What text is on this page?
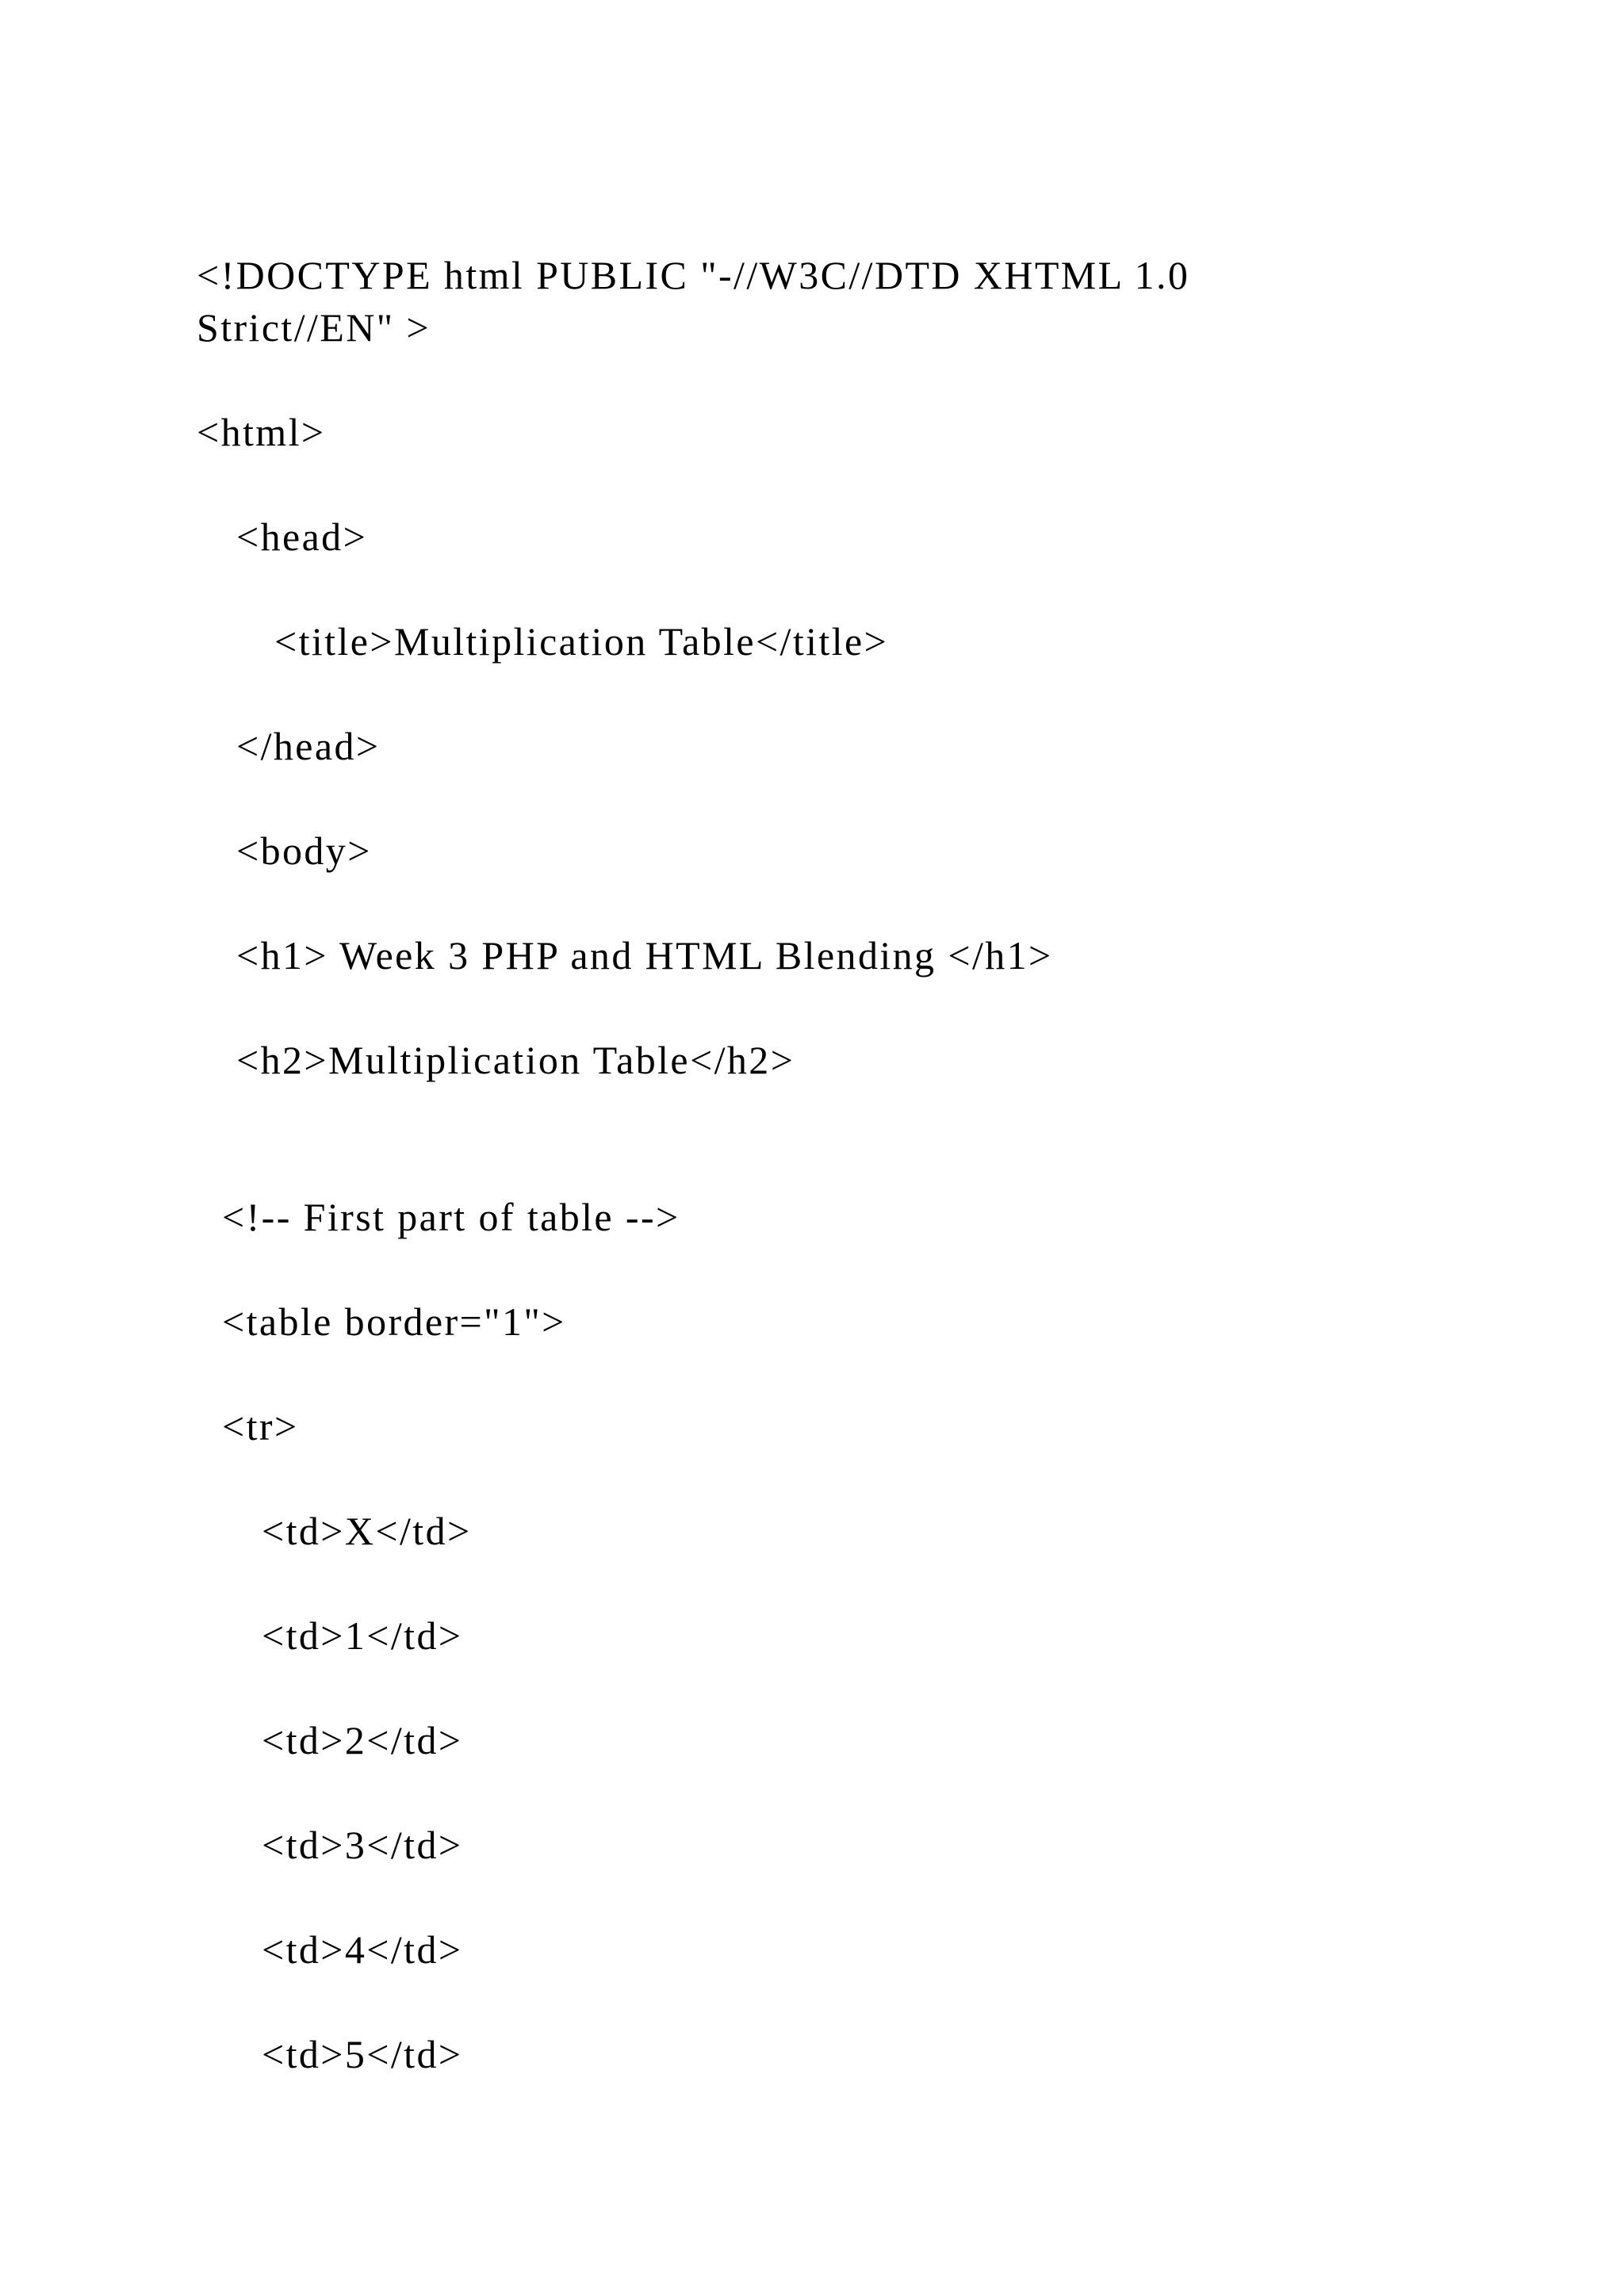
<!DOCTYPE html PUBLIC "-//W3C//DTD XHTML 1.0

Strict//EN" >

<html>

<head>

<title>Multiplication Table</title>

</head>

<body>

<h1> Week 3 PHP and HTML Blending </h1>

<h2>Multiplication Table</h2>

<!-- First part of table -->

<table border="1">

<tr>

<td>X</td>

<td>1</td>

<td>2</td>

<td>3</td>

<td>4</td>

<td>5</td>
